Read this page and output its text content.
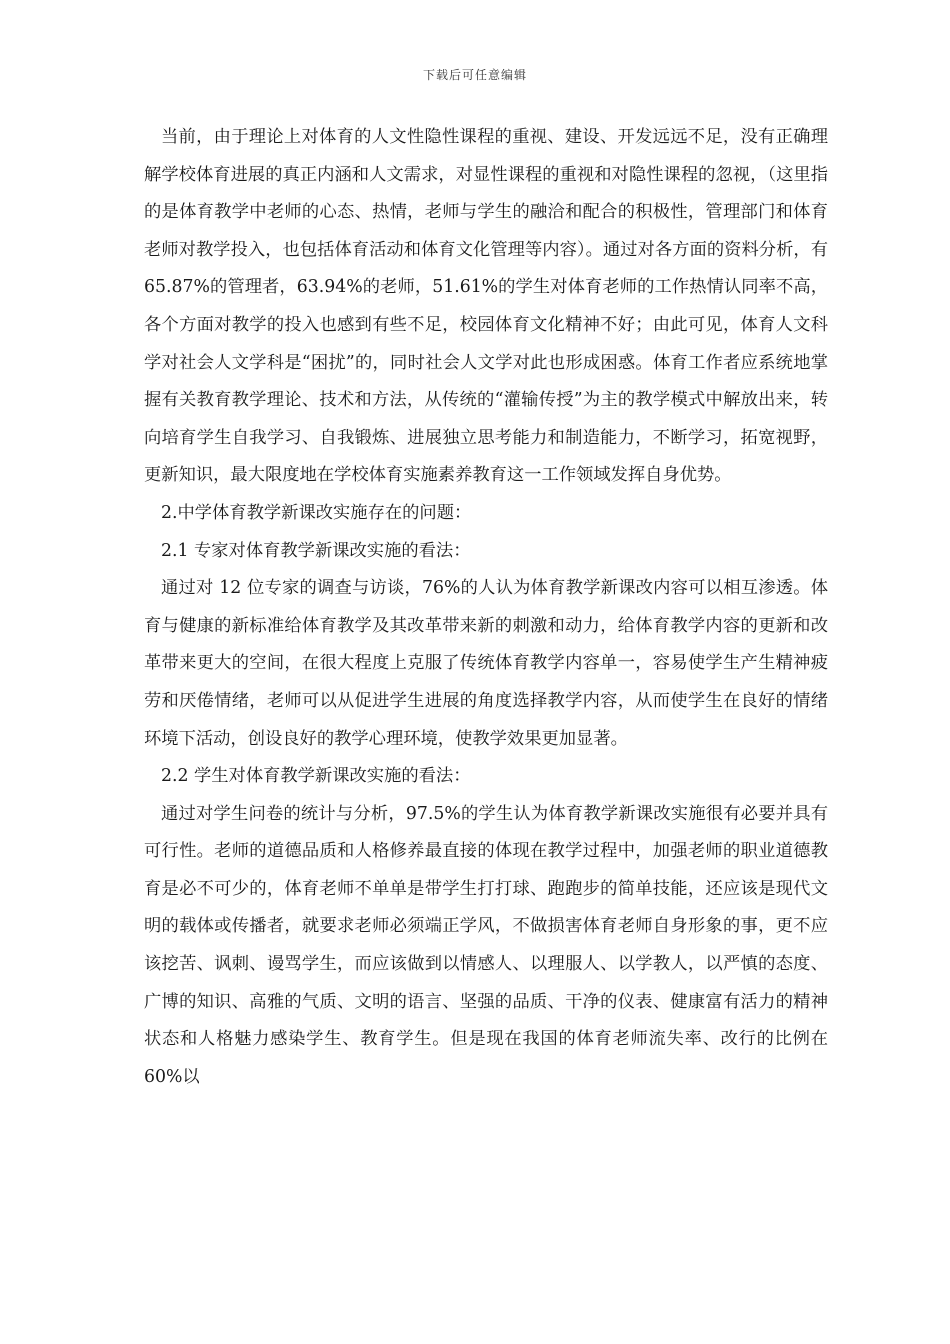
下载后可任意编辑

当前，由于理论上对体育的人文性隐性课程的重视、建设、开发远远不足，没有正确理解学校体育进展的真正内涵和人文需求，对显性课程的重视和对隐性课程的忽视，（这里指的是体育教学中老师的心态、热情，老师与学生的融洽和配合的积极性，管理部门和体育老师对教学投入，也包括体育活动和体育文化管理等内容）。通过对各方面的资料分析，有 65.87%的管理者，63.94%的老师，51.61%的学生对体育老师的工作热情认同率不高，各个方面对教学的投入也感到有些不足，校园体育文化精神不好；由此可见，体育人文科学对社会人文学科是“困扰”的，同时社会人文学对此也形成困惑。体育工作者应系统地掌握有关教育教学理论、技术和方法，从传统的“灌输传授”为主的教学模式中解放出来，转向培育学生自我学习、自我锻炼、进展独立思考能力和制造能力，不断学习，拓宽视野，更新知识，最大限度地在学校体育实施素养教育这一工作领域发挥自身优势。

2.中学体育教学新课改实施存在的问题：

2.1 专家对体育教学新课改实施的看法：

通过对 12 位专家的调查与访谈，76%的人认为体育教学新课改内容可以相互渗透。体育与健康的新标准给体育教学及其改革带来新的刺激和动力，给体育教学内容的更新和改革带来更大的空间，在很大程度上克服了传统体育教学内容单一，容易使学生产生精神疲劳和厌倦情绪，老师可以从促进学生进展的角度选择教学内容，从而使学生在良好的情绪环境下活动，创设良好的教学心理环境，使教学效果更加显著。

2.2 学生对体育教学新课改实施的看法：

通过对学生问卷的统计与分析，97.5%的学生认为体育教学新课改实施很有必要并具有可行性。老师的道德品质和人格修养最直接的体现在教学过程中，加强老师的职业道德教育是必不可少的，体育老师不单单是带学生打打球、跑跑步的简单技能，还应该是现代文明的载体或传播者，就要求老师必须端正学风，不做损害体育老师自身形象的事，更不应该挖苦、讽刺、谩骂学生，而应该做到以情感人、以理服人、以学教人，以严慎的态度、广博的知识、高雅的气质、文明的语言、坚强的品质、干净的仪表、健康富有活力的精神状态和人格魅力感染学生、教育学生。但是现在我国的体育老师流失率、改行的比例在 60%以
